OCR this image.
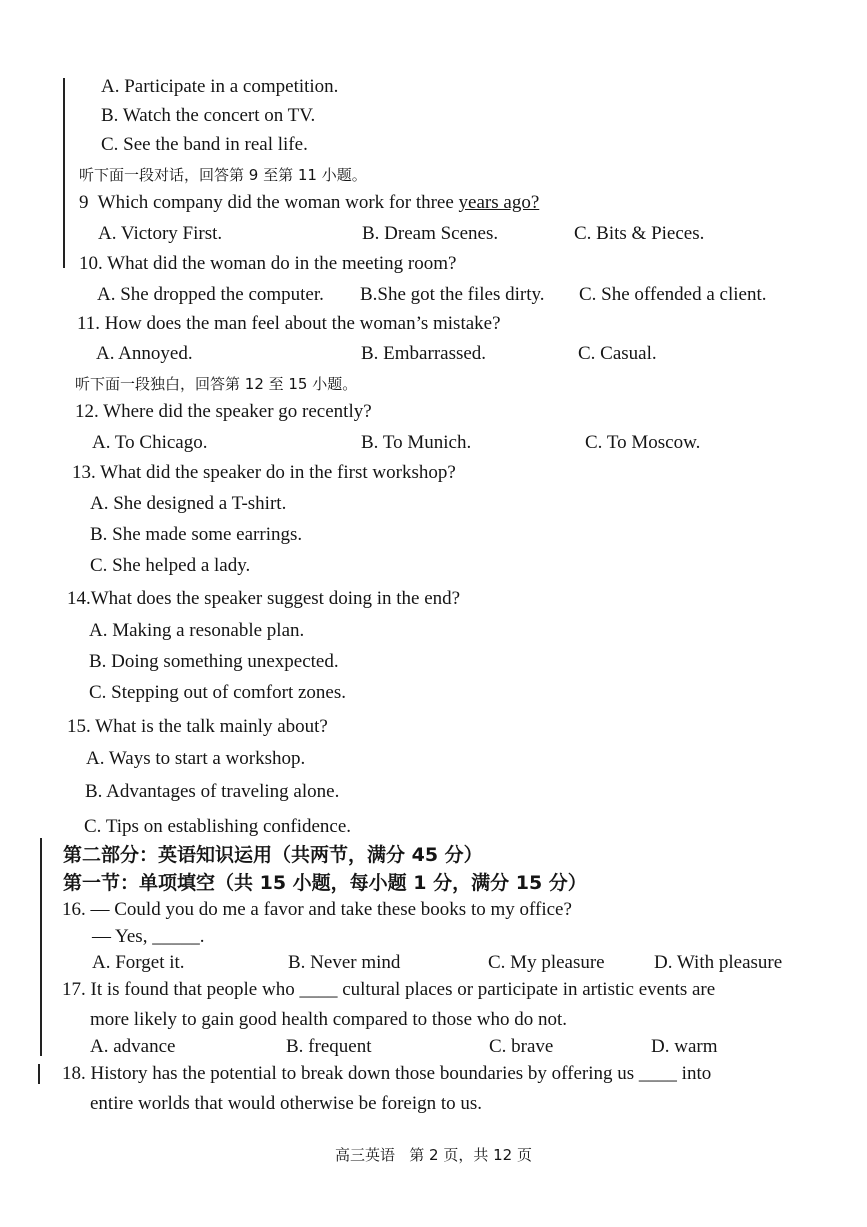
A. Participate in a competition.
B. Watch the concert on TV.
C. See the band in real life.
听下面一段对话，回答第 9 至第 11 小题。
9  Which company did the woman work for three years ago?
A. Victory First.	B. Dream Scenes.	C. Bits & Pieces.
10. What did the woman do in the meeting room?
A. She dropped the computer. B.She got the files dirty. C. She offended a client.
11. How does the man feel about the woman’s mistake?
A. Annoyed.	B. Embarrassed.	C. Casual.
听下面一段独白，回答第 12 至 15 小题。
12. Where did the speaker go recently?
A. To Chicago.	B. To Munich.	C. To Moscow.
13. What did the speaker do in the first workshop?
A. She designed a T-shirt.
B. She made some earrings.
C. She helped a lady.
14.What does the speaker suggest doing in the end?
A. Making a resonable plan.
B. Doing something unexpected.
C. Stepping out of comfort zones.
15. What is the talk mainly about?
A. Ways to start a workshop.
B. Advantages of traveling alone.
C. Tips on establishing confidence.
第二部分：英语知识运用（共两节，满分 45 分）
第一节：单项填空（共 15 小题，每小题 1 分，满分 15 分）
16. — Could you do me a favor and take these books to my office?
— Yes, _____.
A. Forget it.	B. Never mind	C. My pleasure	D. With pleasure
17. It is found that people who ____ cultural places or participate in artistic events are
more likely to gain good health compared to those who do not.
A. advance	B. frequent	C. brave	D. warm
18. History has the potential to break down those boundaries by offering us ____ into
entire worlds that would otherwise be foreign to us.
高三英语   第 2 页，共 12 页
